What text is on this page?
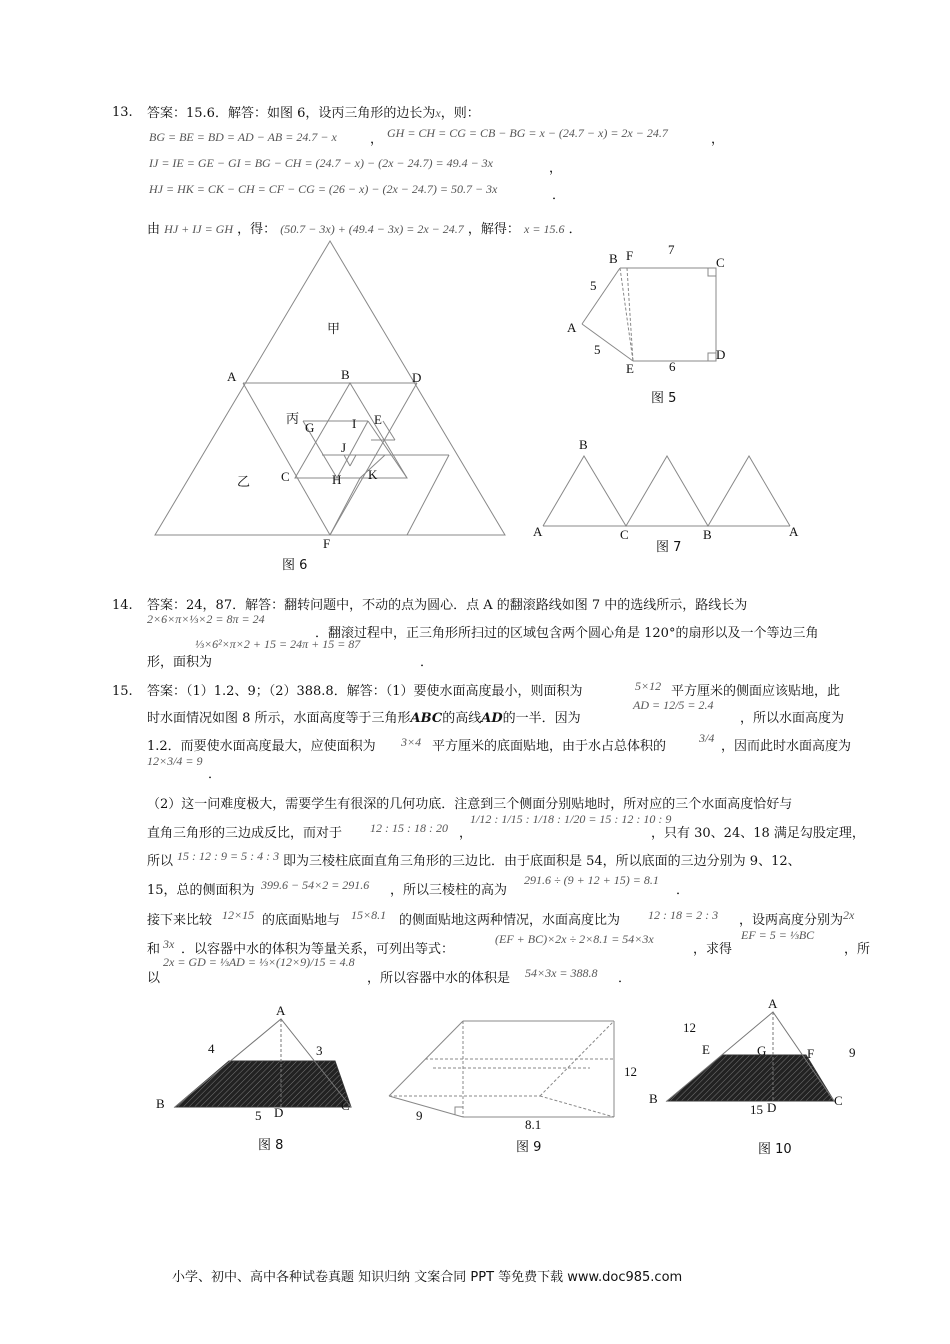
13. 答案：15.6．解答：如图 6，设丙三角形的边长为x，则：
BG = BE = BD = AD − AB = 24.7 − x	， GH = CH = CG = CB − BG = x − (24.7 − x) = 2x − 24.7	，
IJ = IE = GE − GI = BG − CH = (24.7 − x) − (2x − 24.7) = 49.4 − 3x	，
HJ = HK = CK − CH = CF − CG = (26 − x) − (2x − 24.7) = 50.7 − 3x	．
由 HJ + IJ = GH ，得： (50.7 − 3x) + (49.4 − 3x) = 2x − 24.7 ，解得： x = 15.6 ．
甲
丙
乙
A	B	D
G	I E
J
C	H K
F
图 6
B F	7
C
5
A
5
6
D
E
图 5
B
A	C	B	A
图 7
14. 答案：24，87．解答：翻转问题中，不动的点为圆心．点 A 的翻滚路线如图 7 中的选线所示，路线长为
2×6×π×⅓×2 = 8π = 24
．翻滚过程中，正三角形所扫过的区域包含两个圆心角是 120°的扇形以及一个等边三角
形，面积为
⅓×6²×π×2 + 15 = 24π + 15 = 87
．
15. 答案：（1）1.2、9；（2）388.8．解答：（1）要使水面高度最小，则面积为	5×12 平方厘米的侧面应该贴地，此
时水面情况如图 8 所示，水面高度等于三角形ABC的高线AD的一半．因为
AD = 12/5 = 2.4
，所以水面高度为
1.2．而要使水面高度最大，应使面积为 3×4 平方厘米的底面贴地，由于水占总体积的
3/4
，因而此时水面高度为
12×3/4 = 9
．
（2）这一问难度极大，需要学生有很深的几何功底．注意到三个侧面分别贴地时，所对应的三个水面高度恰好与
直角三角形的三边成反比，而对于 12 : 15 : 18 : 20 ，
1/12 : 1/15 : 1/18 : 1/20 = 15 : 12 : 10 : 9
，只有 30、24、18 满足勾股定理，
所以 15 : 12 : 9 = 5 : 4 : 3 即为三棱柱底面直角三角形的三边比．由于底面积是 54，所以底面的三边分别为 9、12、
15，总的侧面积为 399.6 − 54×2 = 291.6 ，所以三棱柱的高为
291.6 ÷ (9 + 12 + 15) = 8.1
．
接下来比较 12×15 的底面贴地与 15×8.1 的侧面贴地这两种情况，水面高度比为 12 : 18 = 2 : 3 ，设两高度分别为 2x
和 3x ．以容器中水的体积为等量关系，可列出等式：
(EF + BC)×2x ÷ 2×8.1 = 54×3x
，求得
EF = 5 = ⅓BC
，所
以
2x = GD = ⅓AD = ⅓×(12×9)/15 = 4.8
，所以容器中水的体积是 54×3x = 388.8 ．
A
4	3
B
5 D	C
图 8
12
9
8.1
图 9
A
12
E	G	F	9
B
15 D	C
图 10
小学、初中、高中各种试卷真题 知识归纳 文案合同 PPT 等免费下载 www.doc985.com
